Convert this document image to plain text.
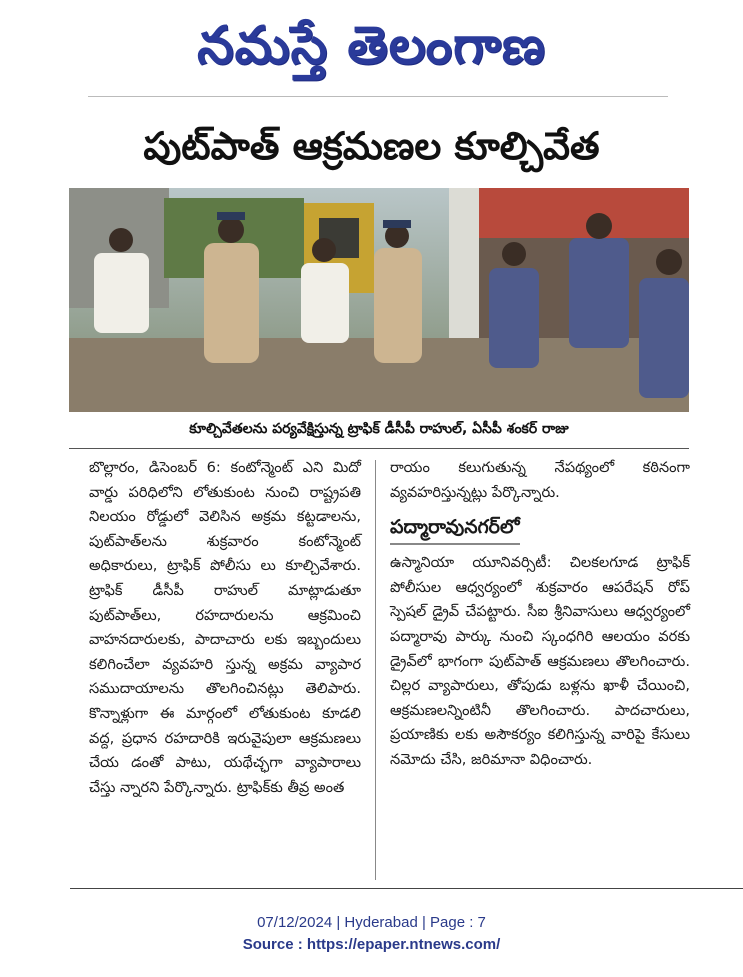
నమస్తే తెలంగాణ
పుట్‌పాత్ ఆక్రమణల కూల్చివేత
కూల్చివేతలను పర్యవేక్షిస్తున్న ట్రాఫిక్ డీసీపీ రాహుల్, ఏసీపీ శంకర్ రాజు

బొల్లారం, డిసెంబర్ 6: కంటోన్మెంట్ ఎని మిదో వార్డు పరిధిలోని లోతుకుంట నుంచి రాష్ట్రపతి నిలయం రోడ్డులో వెలిసిన అక్రమ కట్టడాలను, పుట్‌పాత్‌లను శుక్రవారం కంటోన్మెంట్ అధికారులు, ట్రాఫిక్ పోలీసు లు కూల్చివేశారు. ట్రాఫిక్ డీసీపీ రాహుల్ మాట్లాడుతూ పుట్‌పాత్‌లు, రహదారులను ఆక్రమించి వాహనదారులకు, పాదాచారు లకు ఇబ్బందులు కలిగించేలా వ్యవహరి స్తున్న అక్రమ వ్యాపార సముదాయాలను తొలగించినట్లు తెలిపారు. కొన్నాళ్లుగా ఈ మార్గంలో లోతుకుంట కూడలి వద్ద, ప్రధాన రహదారికి ఇరువైపులా ఆక్రమణలు చేయ డంతో పాటు, యథేచ్ఛగా వ్యాపారాలు చేస్తు న్నారని పేర్కొన్నారు. ట్రాఫిక్‌కు తీవ్ర అంత

రాయం కలుగుతున్న నేపథ్యంలో కఠినంగా వ్యవహరిస్తున్నట్లు పేర్కొన్నారు.

పద్మారావునగర్‌లో

ఉస్మానియా యూనివర్సిటీ: చిలకలగూడ ట్రాఫిక్ పోలీసుల ఆధ్వర్యంలో శుక్రవారం ఆపరేషన్ రోప్ స్పెషల్ డ్రైవ్ చేపట్టారు. సీఐ శ్రీనివాసులు ఆధ్వర్యంలో పద్మారావు పార్కు నుంచి స్కంధగిరి ఆలయం వరకు డ్రైవ్‌లో భాగంగా పుట్‌పాత్ ఆక్రమణలు తొలగించారు. చిల్లర వ్యాపారులు, తోపుడు బళ్లను ఖాళీ చేయించి, ఆక్రమణలన్నింటినీ తొలగించారు. పాదచారులు, ప్రయాణికు లకు అసౌకర్యం కలిగిస్తున్న వారిపై కేసులు నమోదు చేసి, జరిమానా విధించారు.

07/12/2024 | Hyderabad | Page : 7
Source : https://epaper.ntnews.com/
